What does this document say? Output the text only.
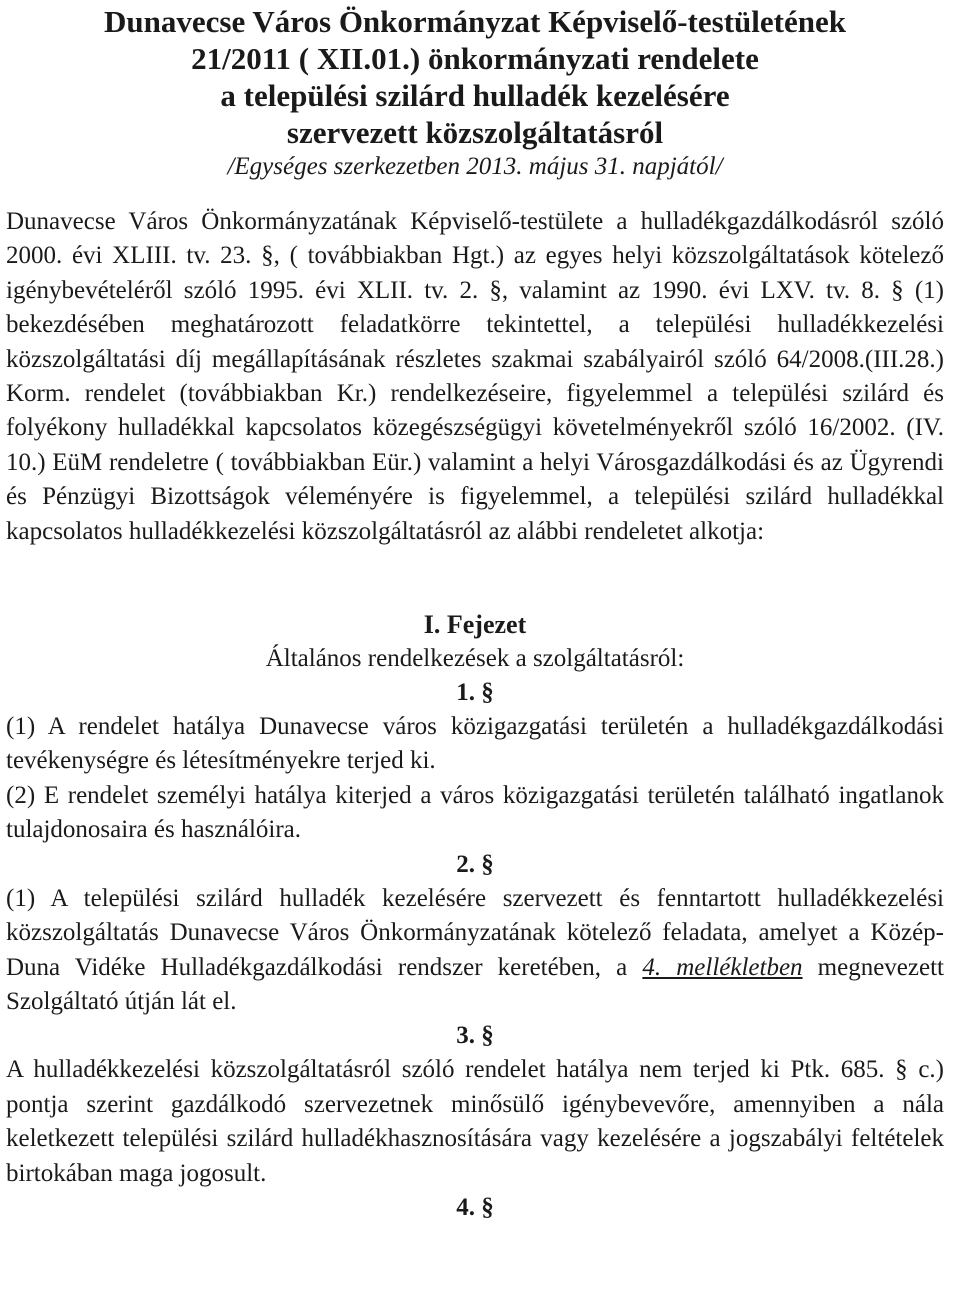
Dunavecse Város Önkormányzat Képviselő-testületének
21/2011 ( XII.01.) önkormányzati rendelete
a települési szilárd hulladék kezelésére
szervezett közszolgáltatásról
/Egységes szerkezetben 2013. május 31. napjától/

Dunavecse Város Önkormányzatának Képviselő-testülete a hulladékgazdálkodásról szóló 2000. évi XLIII. tv. 23. §, ( továbbiakban Hgt.) az egyes helyi közszolgáltatások kötelező igénybevételéről szóló 1995. évi XLII. tv. 2. §, valamint az 1990. évi LXV. tv. 8. § (1) bekezdésében meghatározott feladatkörre tekintettel, a települési hulladékkezelési közszolgáltatási díj megállapításának részletes szakmai szabályairól szóló 64/2008.(III.28.) Korm. rendelet (továbbiakban Kr.) rendelkezéseire, figyelemmel a települési szilárd és folyékony hulladékkal kapcsolatos közegészségügyi követelményekről szóló 16/2002. (IV. 10.) EüM rendeletre ( továbbiakban Eür.) valamint a helyi Városgazdálkodási és az Ügyrendi és Pénzügyi Bizottságok véleményére is figyelemmel, a települési szilárd hulladékkal kapcsolatos hulladékkezelési közszolgáltatásról az alábbi rendeletet alkotja:

I. Fejezet
Általános rendelkezések a szolgáltatásról:
1. §

(1) A rendelet hatálya Dunavecse város közigazgatási területén a hulladékgazdálkodási tevékenységre és létesítményekre terjed ki.

(2) E rendelet személyi hatálya kiterjed a város közigazgatási területén található ingatlanok tulajdonosaira és használóira.

2. §

(1) A települési szilárd hulladék kezelésére szervezett és fenntartott hulladékkezelési közszolgáltatás Dunavecse Város Önkormányzatának kötelező feladata, amelyet a Közép-Duna Vidéke Hulladékgazdálkodási rendszer keretében, a 4. mellékletben megnevezett Szolgáltató útján lát el.

3. §

A hulladékkezelési közszolgáltatásról szóló rendelet hatálya nem terjed ki Ptk. 685. § c.) pontja szerint gazdálkodó szervezetnek minősülő igénybevevőre, amennyiben a nála keletkezett települési szilárd hulladékhasznosítására vagy kezelésére a jogszabályi feltételek birtokában maga jogosult.

4. §
